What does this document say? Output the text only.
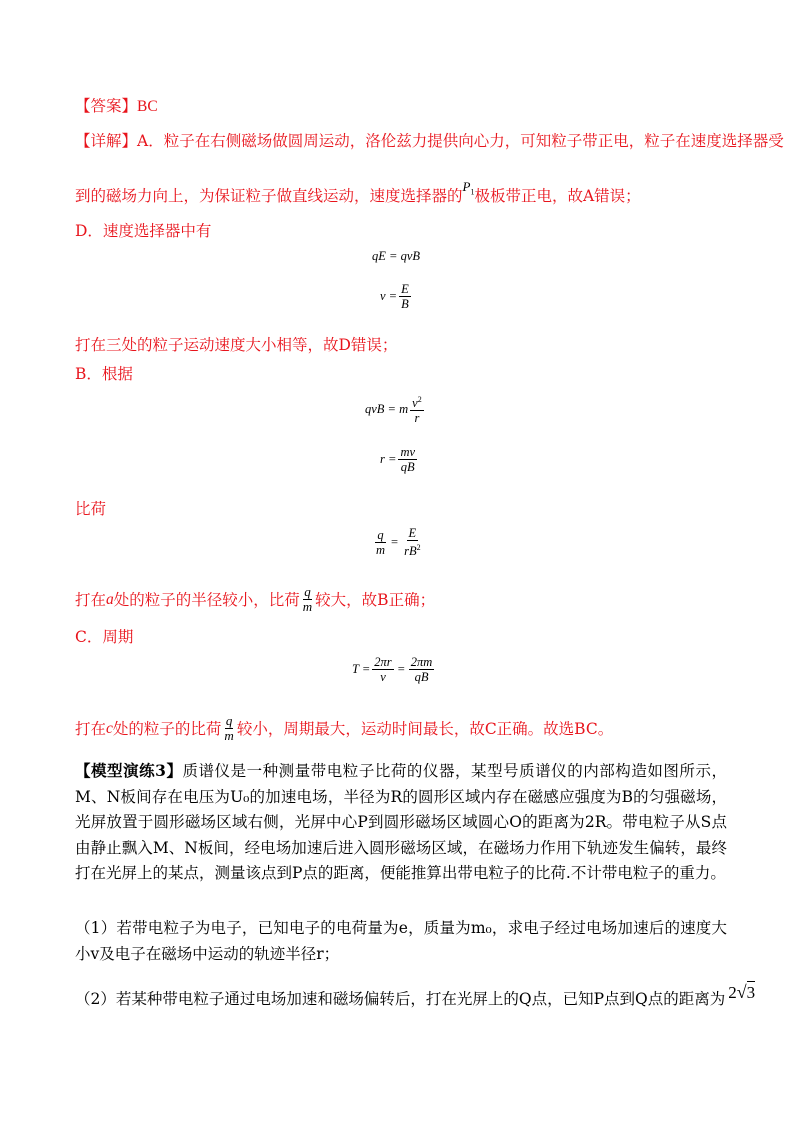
【答案】BC
【详解】A．粒子在右侧磁场做圆周运动，洛伦兹力提供向心力，可知粒子带正电，粒子在速度选择器受
到的磁场力向上，为保证粒子做直线运动，速度选择器的$^{P_1}$极板带正电，故A错误；
D．速度选择器中有
qE = qvB
$v = \frac{E}{B}$
打在三处的粒子运动速度大小相等，故D错误；
B．根据
qvB = m $\frac{v^2}{r}$
$r = \frac{mv}{qB}$
比荷
$\frac{q}{m} = \frac{E}{rB^2}$
打在 a 处的粒子的半径较小，比荷 $\frac{q}{m}$ 较大，故B正确；
C．周期
$T = \frac{2\pi r}{v} = \frac{2\pi m}{qB}$
打在 c 处的粒子的比荷 $\frac{q}{m}$ 较小，周期最大，运动时间最长，故C正确。故选BC。
【模型演练3】质谱仪是一种测量带电粒子比荷的仪器，某型号质谱仪的内部构造如图所示，M、N板间存在电压为U₀的加速电场，半径为R的圆形区域内存在磁感应强度为B的匀强磁场，光屏放置于圆形磁场区域右侧，光屏中心P到圆形磁场区域圆心O的距离为2R。带电粒子从S点由静止飘入M、N板间，经电场加速后进入圆形磁场区域，在磁场力作用下轨迹发生偏转，最终打在光屏上的某点，测量该点到P点的距离，便能推算出带电粒子的比荷.不计带电粒子的重力。
（1）若带电粒子为电子，已知电子的电荷量为e，质量为m₀，求电子经过电场加速后的速度大小v及电子在磁场中运动的轨迹半径r；
（2）若某种带电粒子通过电场加速和磁场偏转后，打在光屏上的Q点，已知P点到Q点的距离为 2√3
